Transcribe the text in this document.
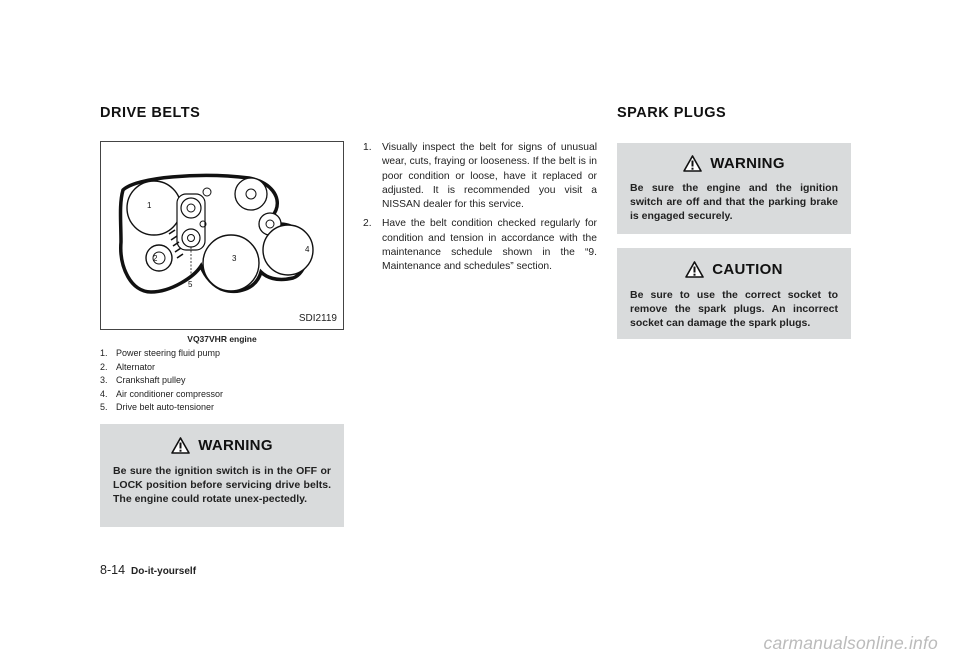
DRIVE BELTS	SPARK PLUGS
1
2	3
4
5
SDI2119
VQ37VHR engine
1. Power steering fluid pump
2. Alternator
3. Crankshaft pulley
4. Air conditioner compressor
5. Drive belt auto-tensioner
WARNING

Be sure the ignition switch is in the OFF or LOCK position before servicing drive belts. The engine could rotate unex-pectedly.

1.	Visually inspect the belt for signs of unusual wear, cuts, fraying or looseness. If the belt is in poor condition or loose, have it replaced or adjusted. It is recommended you visit a NISSAN dealer for this service.
2.	Have the belt condition checked regularly for condition and tension in accordance with the maintenance schedule shown in the “9. Maintenance and schedules” section.
WARNING

Be sure the engine and the ignition switch are off and that the parking brake is engaged securely.

CAUTION

Be sure to use the correct socket to remove the spark plugs. An incorrect socket can damage the spark plugs.

8-14 Do-it-yourself
carmanualsonline.info
